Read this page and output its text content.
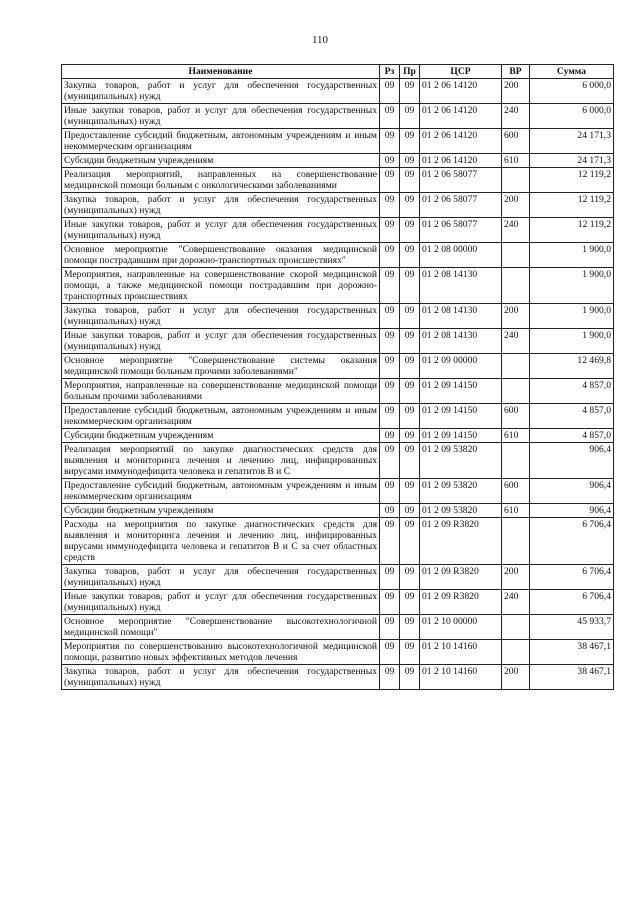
110
Наименование	Рз	Пр	ЦСР	ВР	Сумма
Закупка товаров, работ и услуг для обеспечения государственных (муниципальных) нужд	09	09	01 2 06 14120	200	6 000,0
Иные закупки товаров, работ и услуг для обеспечения государственных (муниципальных) нужд	09	09	01 2 06 14120	240	6 000,0
Предоставление субсидий бюджетным, автономным учреждениям и иным некоммерческим организациям	09	09	01 2 06 14120	600	24 171,3
Субсидии бюджетным учреждениям	09	09	01 2 06 14120	610	24 171,3
Реализация мероприятий, направленных на совершенствование медицинской помощи больным с онкологическими заболеваниями	09	09	01 2 06 58077		12 119,2
Закупка товаров, работ и услуг для обеспечения государственных (муниципальных) нужд	09	09	01 2 06 58077	200	12 119,2
Иные закупки товаров, работ и услуг для обеспечения государственных (муниципальных) нужд	09	09	01 2 06 58077	240	12 119,2
Основное мероприятие "Совершенствование оказания медицинской помощи пострадавшим при дорожно-транспортных происшествиях"	09	09	01 2 08 00000		1 900,0
Мероприятия, направленные на совершенствование скорой медицинской помощи, а также медицинской помощи пострадавшим при дорожно-транспортных происшествиях	09	09	01 2 08 14130		1 900,0
Закупка товаров, работ и услуг для обеспечения государственных (муниципальных) нужд	09	09	01 2 08 14130	200	1 900,0
Иные закупки товаров, работ и услуг для обеспечения государственных (муниципальных) нужд	09	09	01 2 08 14130	240	1 900,0
Основное мероприятие "Совершенствование системы оказания медицинской помощи больным прочими заболеваниями"	09	09	01 2 09 00000		12 469,8
Мероприятия, направленные на совершенствование медицинской помощи больным прочими заболеваниями	09	09	01 2 09 14150		4 857,0
Предоставление субсидий бюджетным, автономным учреждениям и иным некоммерческим организациям	09	09	01 2 09 14150	600	4 857,0
Субсидии бюджетным учреждениям	09	09	01 2 09 14150	610	4 857,0
Реализация мероприятий по закупке диагностических средств для выявления и мониторинга лечения и лечению лиц, инфицированных вирусами иммунодефицита человека и гепатитов B и C	09	09	01 2 09 53820		906,4
Предоставление субсидий бюджетным, автономным учреждениям и иным некоммерческим организациям	09	09	01 2 09 53820	600	906,4
Субсидии бюджетным учреждениям	09	09	01 2 09 53820	610	906,4
Расходы на мероприятия по закупке диагностических средств для выявления и мониторинга лечения и лечению лиц, инфицированных вирусами иммунодефицита человека и гепатитов B и C за счет областных средств	09	09	01 2 09 R3820		6 706,4
Закупка товаров, работ и услуг для обеспечения государственных (муниципальных) нужд	09	09	01 2 09 R3820	200	6 706,4
Иные закупки товаров, работ и услуг для обеспечения государственных (муниципальных) нужд	09	09	01 2 09 R3820	240	6 706,4
Основное мероприятие "Совершенствование высокотехнологичной медицинской помощи"	09	09	01 2 10 00000		45 933,7
Мероприятия по совершенствованию высокотехнологичной медицинской помощи, развитию новых эффективных методов лечения	09	09	01 2 10 14160		38 467,1
Закупка товаров, работ и услуг для обеспечения государственных (муниципальных) нужд	09	09	01 2 10 14160	200	38 467,1
